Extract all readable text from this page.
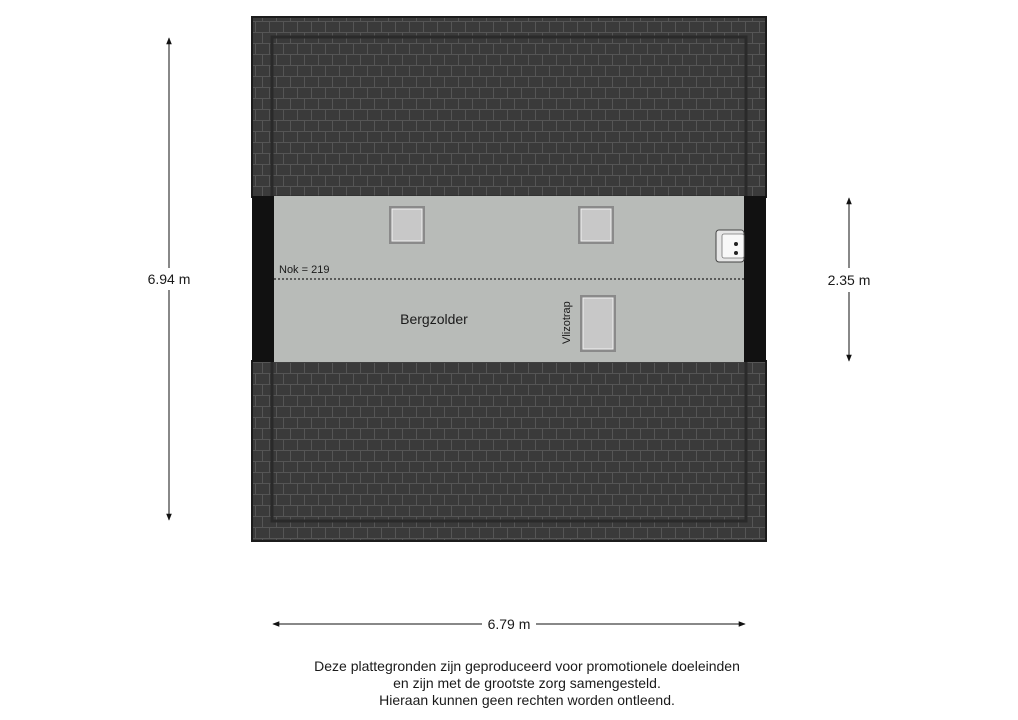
Nok = 219
Vlizotrap
Bergzolder
6.94 m	2.35 m
6.79 m
Deze plattegronden zijn geproduceerd voor promotionele doeleinden
en zijn met de grootste zorg samengesteld.
Hieraan kunnen geen rechten worden ontleend.
